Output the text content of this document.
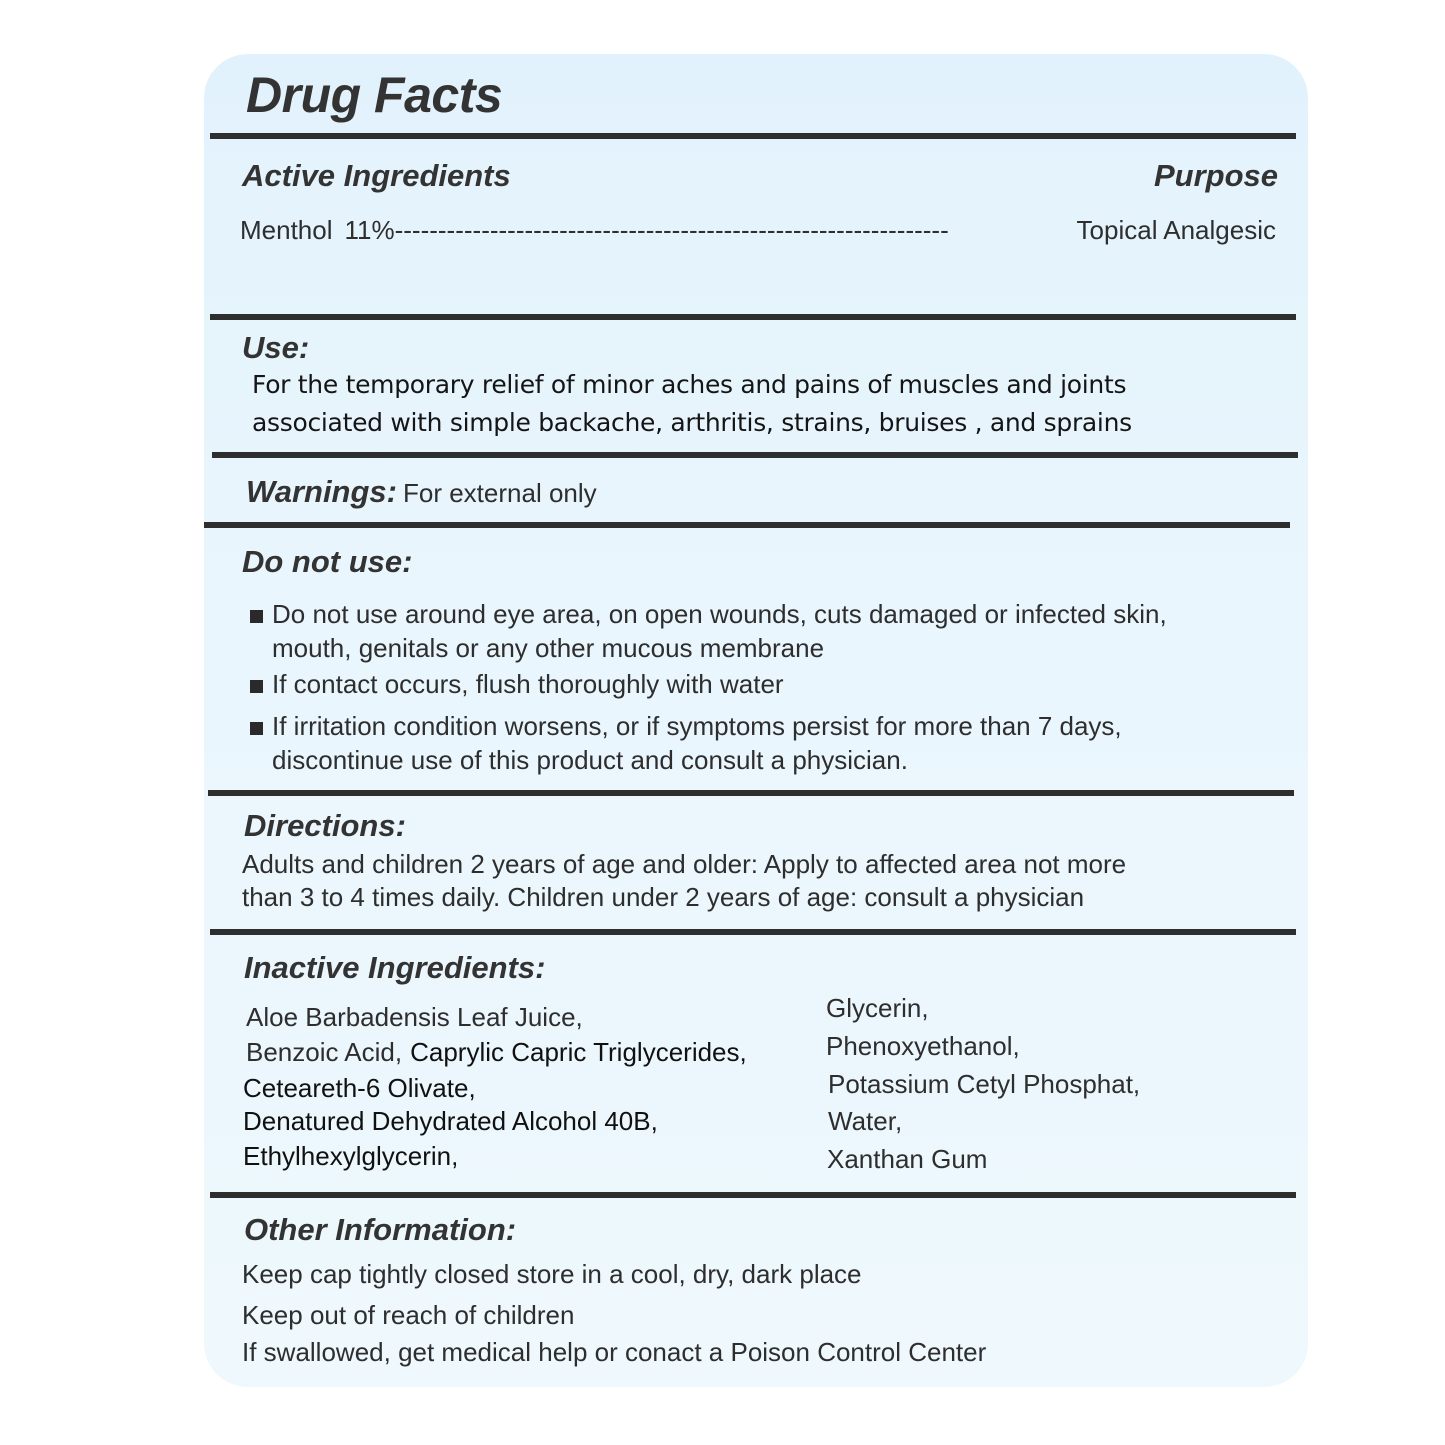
Drug Facts
Active Ingredients	Purpose
Menthol 11% ----------------------------------------------------------------	Topical Analgesic
Use:
For the temporary relief of minor aches and pains of muscles and joints
associated with simple backache, arthritis, strains, bruises , and sprains
Warnings: For external only
Do not use:
Do not use around eye area, on open wounds, cuts damaged or infected skin,
mouth, genitals or any other mucous membrane
If contact occurs, flush thoroughly with water
If irritation condition worsens, or if symptoms persist for more than 7 days,
discontinue use of this product and consult a physician.
Directions:
Adults and children 2 years of age and older: Apply to affected area not more
than 3 to 4 times daily. Children under 2 years of age: consult a physician
Inactive Ingredients:
Aloe Barbadensis Leaf Juice,
Benzoic Acid, Caprylic Capric Triglycerides,
Ceteareth-6 Olivate,
Denatured Dehydrated Alcohol 40B,
Ethylhexylglycerin,
Glycerin,
Phenoxyethanol,
Potassium Cetyl Phosphat,
Water,
Xanthan Gum
Other Information:
Keep cap tightly closed store in a cool, dry, dark place
Keep out of reach of children
If swallowed, get medical help or conact a Poison Control Center
